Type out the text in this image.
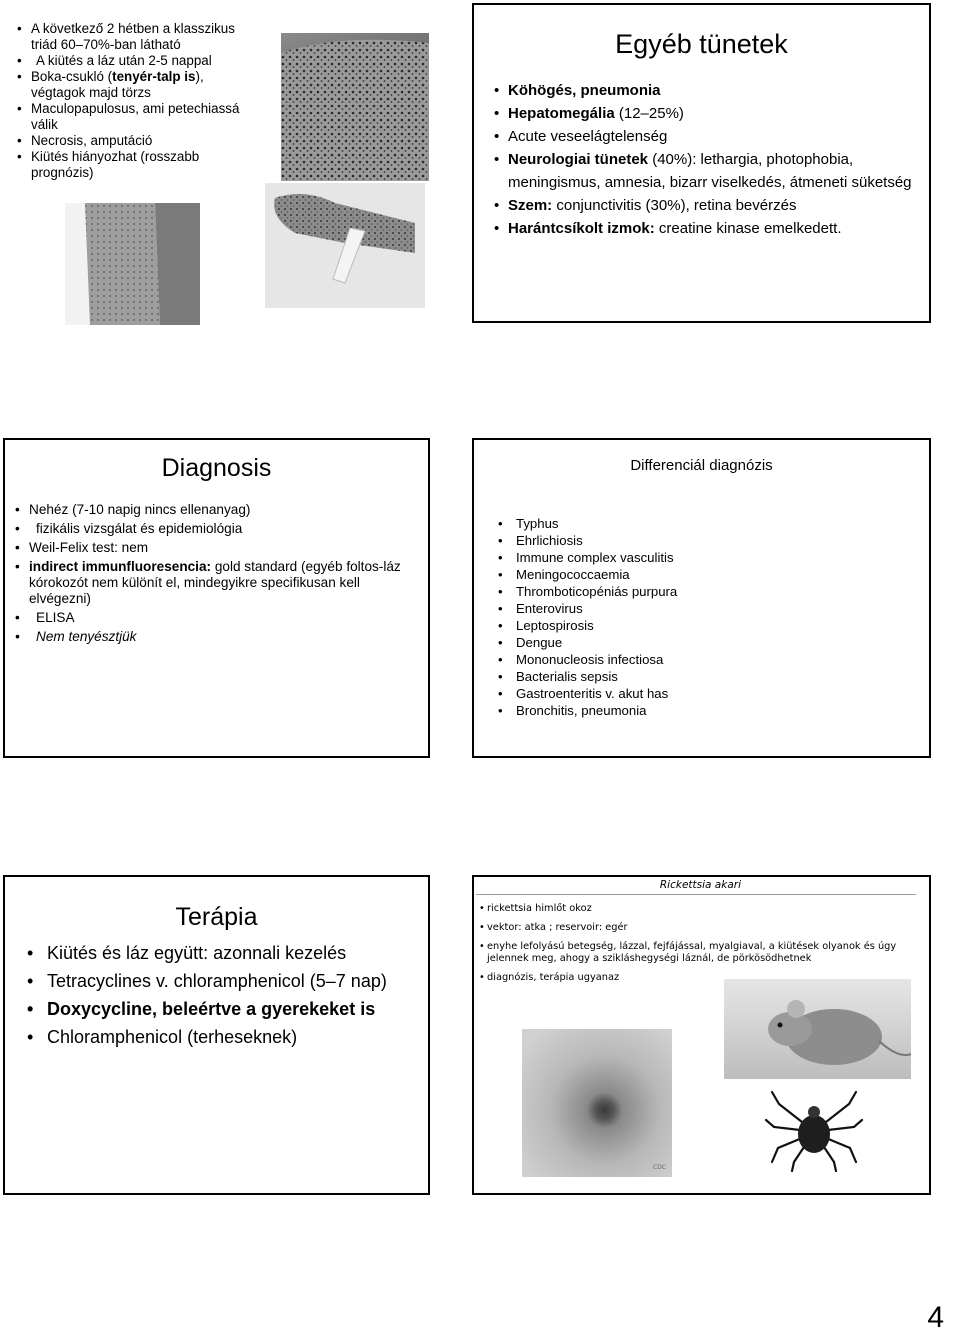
• A következő 2 hétben a klasszikus triád 60–70%-ban látható
• A kiütés a láz után 2-5 nappal
• Boka-csukló (tenyér-talp is), végtagok majd törzs
• Maculopapulosus, ami petechiassá válik
• Necrosis, amputáció
• Kiütés hiányozhat (rosszabb prognózis)
Egyéb tünetek
• Köhögés, pneumonia
• Hepatomegália (12–25%)
• Acute veseelágtelenség
• Neurologiai tünetek (40%): lethargia, photophobia, meningismus, amnesia, bizarr viselkedés, átmeneti süketség
• Szem: conjunctivitis (30%), retina bevérzés
• Harántcsíkolt izmok: creatine kinase emelkedett.
Diagnosis
• Nehéz (7-10 napig nincs ellenanyag)
• fizikális vizsgálat és epidemiológia
• Weil-Felix test: nem
• indirect immunfluoresencia: gold standard (egyéb foltos-láz kórokozót nem különít el, mindegyikre specifikusan kell elvégezni)
• ELISA
• Nem tenyésztjük
Differenciál diagnózis
• Typhus
• Ehrlichiosis
• Immune complex vasculitis
• Meningococcaemia
• Thromboticopéniás purpura
• Enterovirus
• Leptospirosis
• Dengue
• Mononucleosis infectiosa
• Bacterialis sepsis
• Gastroenteritis v. akut has
• Bronchitis, pneumonia
Terápia
• Kiütés és láz együtt: azonnali kezelés
• Tetracyclines v. chloramphenicol (5–7 nap)
• Doxycycline, beleértve a gyerekeket is
• Chloramphenicol (terheseknek)
Rickettsia akari
• rickettsia himlőt okoz
• vektor: atka ; reservoir: egér
• enyhe lefolyású betegség, lázzal, fejfájással, myalgiaval, a kiütések olyanok és úgy jelennek meg, ahogy a szikláshegységi láznál, de pörkösödhetnek
• diagnózis, terápia ugyanaz
CDC
4
